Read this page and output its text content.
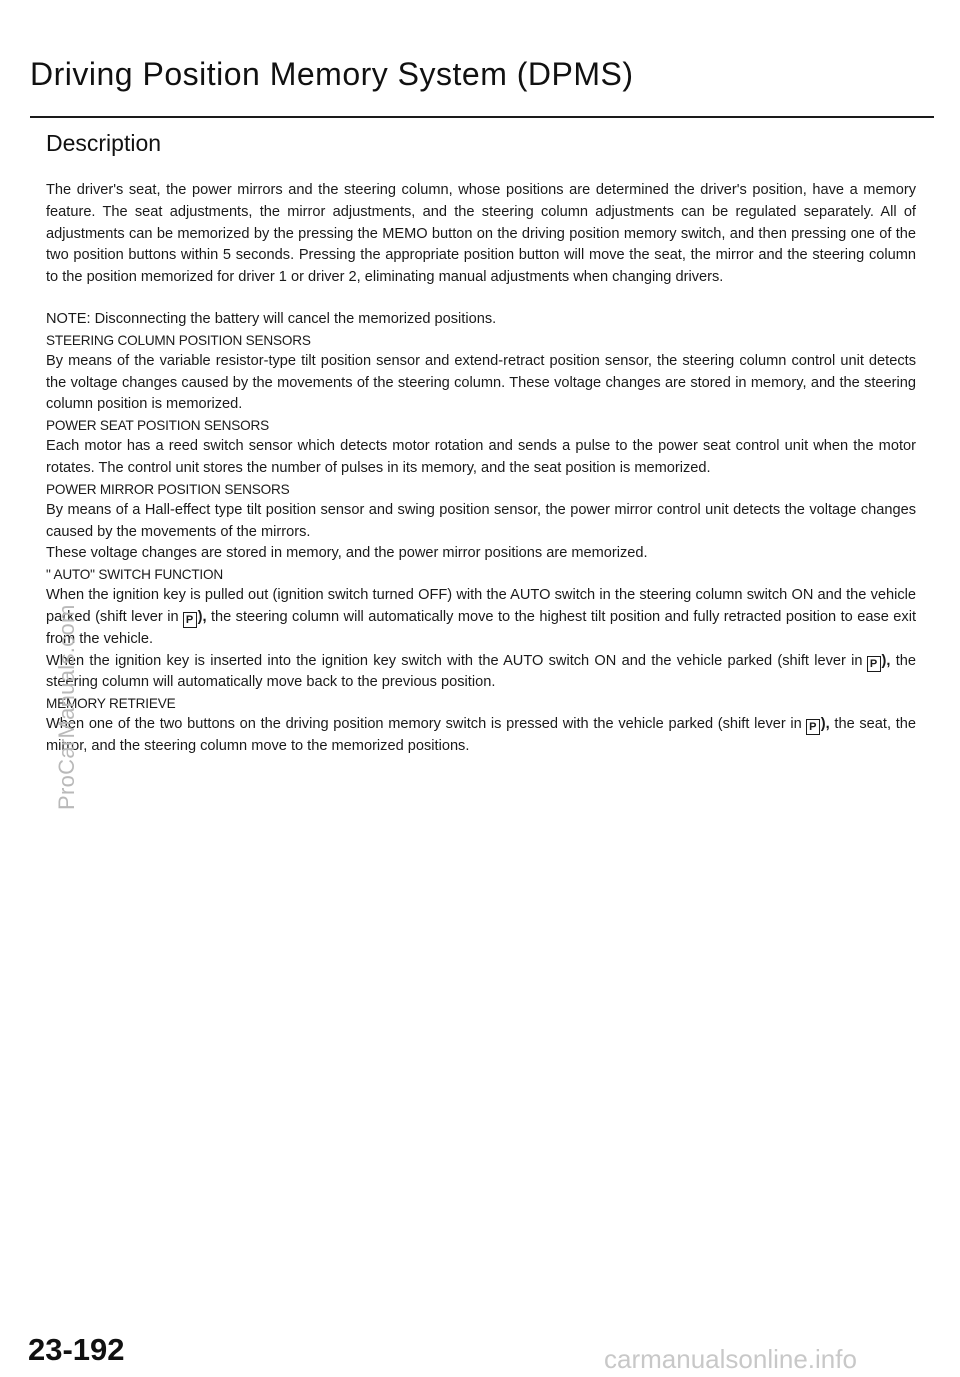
Driving Position Memory System (DPMS)
Description

The driver's seat, the power mirrors and the steering column, whose positions are determined the driver's position, have a memory feature. The seat adjustments, the mirror adjustments, and the steering column adjustments can be regulated separately. All of adjustments can be memorized by the pressing the MEMO button on the driving position memory switch, and then pressing one of the two position buttons within 5 seconds. Pressing the appropriate position button will move the seat, the mirror and the steering column to the position memorized for driver 1 or driver 2, eliminating manual adjustments when changing drivers.

NOTE: Disconnecting the battery will cancel the memorized positions.

STEERING COLUMN POSITION SENSORS

By means of the variable resistor-type tilt position sensor and extend-retract position sensor, the steering column control unit detects the voltage changes caused by the movements of the steering column. These voltage changes are stored in memory, and the steering column position is memorized.

POWER SEAT POSITION SENSORS

Each motor has a reed switch sensor which detects motor rotation and sends a pulse to the power seat control unit when the motor rotates. The control unit stores the number of pulses in its memory, and the seat position is memorized.

POWER MIRROR POSITION SENSORS

By means of a Hall-effect type tilt position sensor and swing position sensor, the power mirror control unit detects the voltage changes caused by the movements of the mirrors.

These voltage changes are stored in memory, and the power mirror positions are memorized.

" AUTO" SWITCH FUNCTION

When the ignition key is pulled out (ignition switch turned OFF) with the AUTO switch in the steering column switch ON and the vehicle parked (shift lever in P ), the steering column will automatically move to the highest tilt position and fully retracted position to ease exit from the vehicle.

When the ignition key is inserted into the ignition key switch with the AUTO switch ON and the vehicle parked (shift lever in P ), the steering column will automatically move back to the previous position.

MEMORY RETRIEVE

When one of the two buttons on the driving position memory switch is pressed with the vehicle parked (shift lever in P ), the seat, the mirror, and the steering column move to the memorized positions.

ProCarManuals.com

23-192	carmanualsonline.info
